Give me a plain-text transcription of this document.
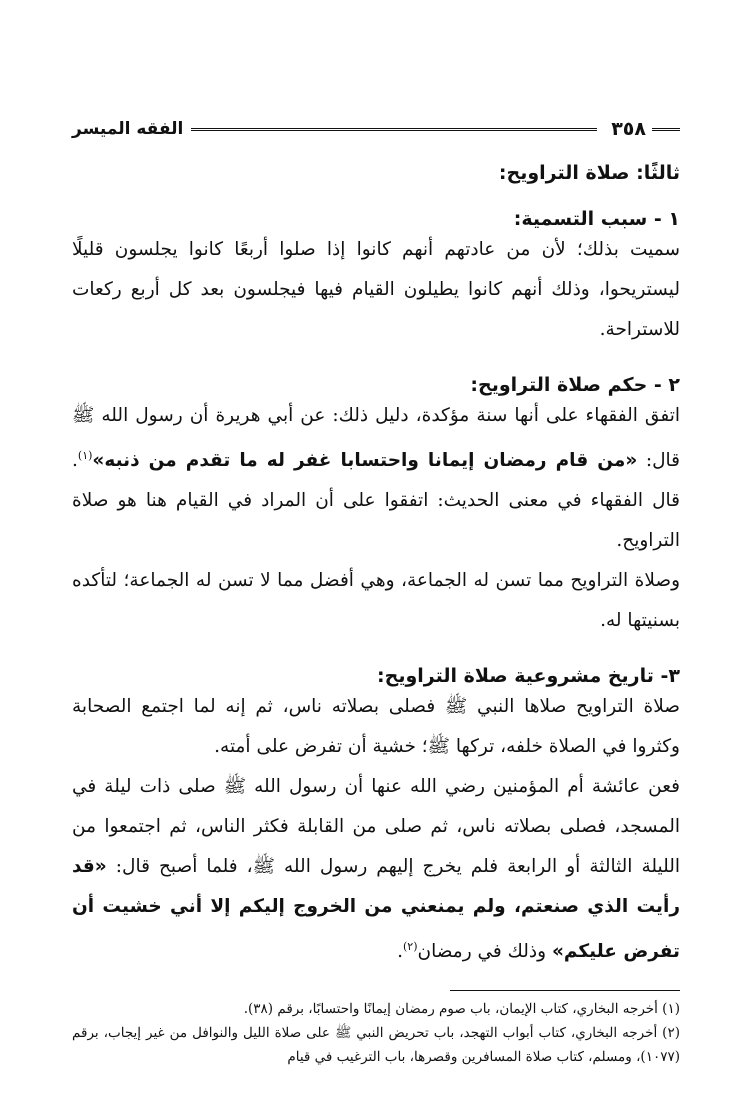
الفقه الميسر	٣٥٨
ثالثًا: صلاة التراويح:
١ - سبب التسمية:

سميت بذلك؛ لأن من عادتهم أنهم كانوا إذا صلوا أربعًا كانوا يجلسون قليلًا ليستريحوا، وذلك أنهم كانوا يطيلون القيام فيها فيجلسون بعد كل أربع ركعات للاستراحة.

٢ - حكم صلاة التراويح:

اتفق الفقهاء على أنها سنة مؤكدة، دليل ذلك: عن أبي هريرة أن رسول الله ﷺ قال: «من قام رمضان إيمانا واحتسابا غفر له ما تقدم من ذنبه»$^{(١)}$. قال الفقهاء في معنى الحديث: اتفقوا على أن المراد في القيام هنا هو صلاة التراويح.

وصلاة التراويح مما تسن له الجماعة، وهي أفضل مما لا تسن له الجماعة؛ لتأكده بسنيتها له.

٣- تاريخ مشروعية صلاة التراويح:

صلاة التراويح صلاها النبي ﷺ فصلى بصلاته ناس، ثم إنه لما اجتمع الصحابة وكثروا في الصلاة خلفه، تركها ﷺ؛ خشية أن تفرض على أمته.

فعن عائشة أم المؤمنين رضي الله عنها أن رسول الله ﷺ صلى ذات ليلة في المسجد، فصلى بصلاته ناس، ثم صلى من القابلة فكثر الناس، ثم اجتمعوا من الليلة الثالثة أو الرابعة فلم يخرج إليهم رسول الله ﷺ، فلما أصبح قال: «قد رأيت الذي صنعتم، ولم يمنعني من الخروج إليكم إلا أني خشيت أن تفرض عليكم» وذلك في رمضان$^{(٢)}$.

(١) أخرجه البخاري، كتاب الإيمان، باب صوم رمضان إيمانًا واحتسابًا، برقم (٣٨).

(٢) أخرجه البخاري، كتاب أبواب التهجد، باب تحريض النبي ﷺ على صلاة الليل والنوافل من غير إيجاب، برقم (١٠٧٧)، ومسلم، كتاب صلاة المسافرين وقصرها، باب الترغيب في قيام
